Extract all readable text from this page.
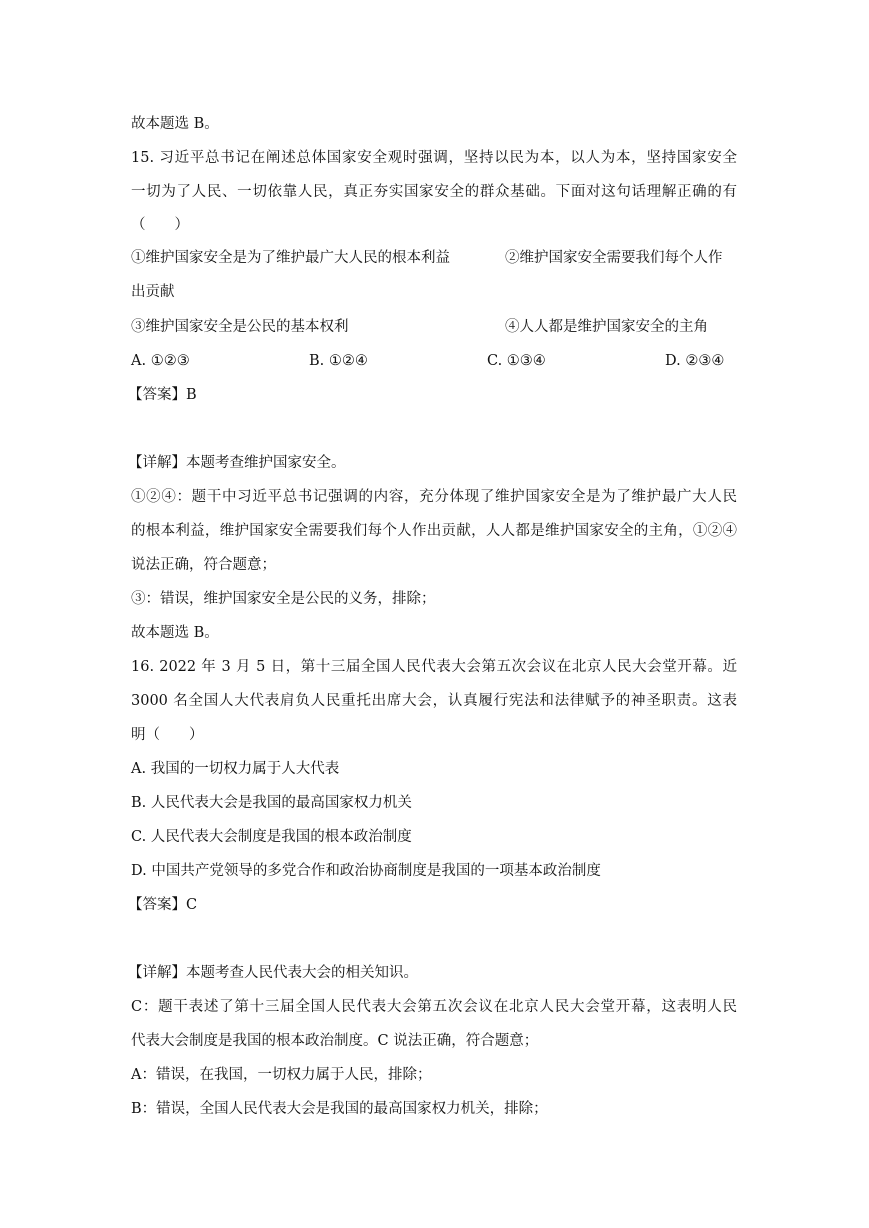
故本题选 B。
15. 习近平总书记在阐述总体国家安全观时强调，坚持以民为本，以人为本，坚持国家安全
一切为了人民、一切依靠人民，真正夯实国家安全的群众基础。下面对这句话理解正确的有
（　　）
①维护国家安全是为了维护最广大人民的根本利益	②维护国家安全需要我们每个人作
出贡献
③维护国家安全是公民的基本权利	④人人都是维护国家安全的主角
A. ①②③	B. ①②④	C. ①③④	D. ②③④
【答案】B
【详解】本题考查维护国家安全。
①②④：题干中习近平总书记强调的内容，充分体现了维护国家安全是为了维护最广大人民
的根本利益，维护国家安全需要我们每个人作出贡献，人人都是维护国家安全的主角，①②④
说法正确，符合题意；
③：错误，维护国家安全是公民的义务，排除；
故本题选 B。
16. 2022 年 3 月 5 日，第十三届全国人民代表大会第五次会议在北京人民大会堂开幕。近
3000 名全国人大代表肩负人民重托出席大会，认真履行宪法和法律赋予的神圣职责。这表
明（　　）
A. 我国的一切权力属于人大代表
B. 人民代表大会是我国的最高国家权力机关
C. 人民代表大会制度是我国的根本政治制度
D. 中国共产党领导的多党合作和政治协商制度是我国的一项基本政治制度
【答案】C
【详解】本题考查人民代表大会的相关知识。
C：题干表述了第十三届全国人民代表大会第五次会议在北京人民大会堂开幕，这表明人民
代表大会制度是我国的根本政治制度。C 说法正确，符合题意；
A：错误，在我国，一切权力属于人民，排除；
B：错误，全国人民代表大会是我国的最高国家权力机关，排除；
